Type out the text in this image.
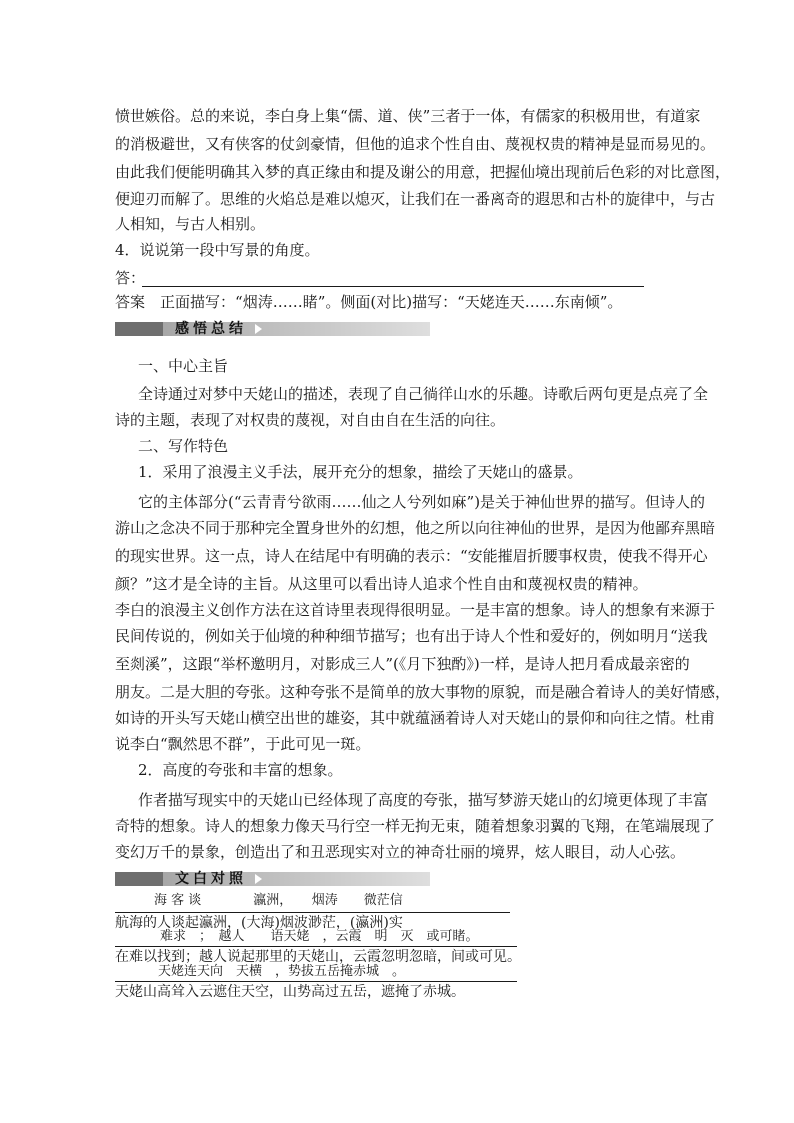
愤世嫉俗。总的来说，李白身上集“儒、道、侠”三者于一体，有儒家的积极用世，有道家
的消极避世，又有侠客的仗剑豪情，但他的追求个性自由、蔑视权贵的精神是显而易见的。
由此我们便能明确其入梦的真正缘由和提及谢公的用意，把握仙境出现前后色彩的对比意图，
便迎刃而解了。思维的火焰总是难以熄灭，让我们在一番离奇的遐思和古朴的旋律中，与古
人相知，与古人相别。
4．说说第一段中写景的角度。
答：
答案　 正面描写：“烟涛……睹”。侧面(对比)描写：“天姥连天……东南倾”。
感悟总结
一、中心主旨
全诗通过对梦中天姥山的描述，表现了自己徜徉山水的乐趣。诗歌后两句更是点亮了全
诗的主题，表现了对权贵的蔑视，对自由自在生活的向往。
二、写作特色
1．采用了浪漫主义手法，展开充分的想象，描绘了天姥山的盛景。
它的主体部分(“云青青兮欲雨……仙之人兮列如麻”)是关于神仙世界的描写。但诗人的
游山之念决不同于那种完全置身世外的幻想，他之所以向往神仙的世界，是因为他鄙弃黑暗
的现实世界。这一点，诗人在结尾中有明确的表示：“安能摧眉折腰事权贵，使我不得开心
颜？”这才是全诗的主旨。从这里可以看出诗人追求个性自由和蔑视权贵的精神。
李白的浪漫主义创作方法在这首诗里表现得很明显。一是丰富的想象。诗人的想象有来源于
民间传说的，例如关于仙境的种种细节描写；也有出于诗人个性和爱好的，例如明月“送我
至剡溪”，这跟“举杯邀明月，对影成三人”(《月下独酌》)一样，是诗人把月看成最亲密的
朋友。二是大胆的夸张。这种夸张不是简单的放大事物的原貌，而是融合着诗人的美好情感，
如诗的开头写天姥山横空出世的雄姿，其中就蕴涵着诗人对天姥山的景仰和向往之情。杜甫
说李白“飘然思不群”，于此可见一斑。
2．高度的夸张和丰富的想象。
作者描写现实中的天姥山已经体现了高度的夸张，描写梦游天姥山的幻境更体现了丰富
奇特的想象。诗人的想象力像天马行空一样无拘无束，随着想象羽翼的飞翔，在笔端展现了
变幻万千的景象，创造出了和丑恶现实对立的神奇壮丽的境界，炫人眼目，动人心弦。
文白对照
海 客 谈　　　　瀛洲，　　烟涛　　微茫信
航海的人谈起瀛洲，(大海)烟波渺茫，(瀛洲)实
难求　；　越人　　语天姥　，云霞　明　灭　或可睹。
在难以找到；越人说起那里的天姥山，云霞忽明忽暗，间或可见。
天姥连天向　天横　，势拔五岳掩赤城　。
天姥山高耸入云遮住天空，山势高过五岳，遮掩了赤城。
